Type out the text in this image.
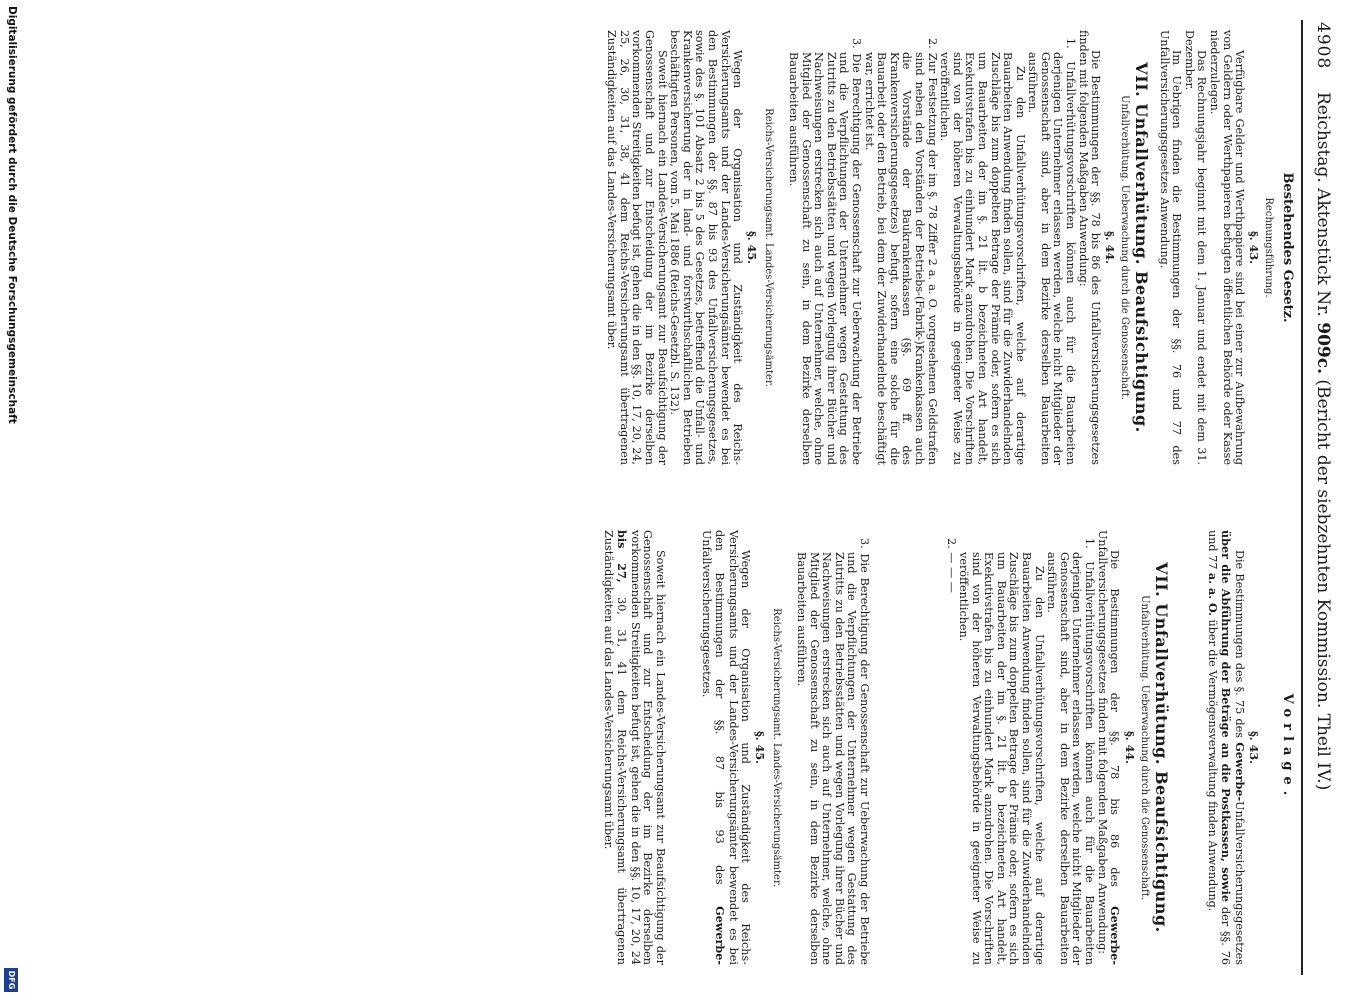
4908
Reichstag. Aktenstück Nr. 909c. (Bericht der siebzehnten Kommission. Theil IV.)
Bestehendes Gesetz.
Rechnungsführung.
§. 43.

Verfügbare Gelder und Werthpapiere sind bei einer zur Aufbewahrung von Geldern oder Werthpapieren befugten öffentlichen Behörde oder Kasse niederzulegen.

Das Rechnungsjahr beginnt mit dem 1. Januar und endet mit dem 31. Dezember.

Im Uebrigen finden die Bestimmungen der §§. 76 und 77 des Unfallversicherungsgesetzes Anwendung.

VII. Unfallverhütung. Beaufsichtigung.
Unfallverhütung. Ueberwachung durch die Genossenschaft.
§. 44.

Die Bestimmungen der §§. 78 bis 86 des Unfallversicherungsgesetzes finden mit folgenden Maßgaben Anwendung:

1. Unfallverhütungsvorschriften können auch für die Bauarbeiten derjenigen Unternehmer erlassen werden, welche nicht Mitglieder der Genossenschaft sind, aber in dem Bezirke derselben Bauarbeiten ausführen.

Zu den Unfallverhütungsvorschriften, welche auf derartige Bauarbeiten Anwendung finden sollen, sind für die Zuwiderhandelnden Zuschläge bis zum doppelten Betrage der Prämie oder, sofern es sich um Bauarbeiten der im §. 21 lit. b bezeichneten Art handelt, Exekutivstrafen bis zu einhundert Mark anzudrohen. Die Vorschriften sind von der höheren Verwaltungsbehörde in geeigneter Weise zu veröffentlichen.

2. Zur Festsetzung der im §. 78 Ziffer 2 a. a. O. vorgesehenen Geldstrafen sind neben den Vorständen der Betriebs-(Fabrik-)Krankenkassen auch die Vorstände der Baukrankenkassen (§§. 69 ff. des Krankenversicherungsgesetzes) befugt, sofern eine solche für die Bauarbeit oder den Betrieb, bei dem der Zuwiderhandelnde beschäftigt war, errichtet ist.

3. Die Berechtigung der Genossenschaft zur Ueberwachung der Betriebe und die Verpflichtungen der Unternehmer wegen Gestattung des Zutritts zu den Betriebsstätten und wegen Vorlegung ihrer Bücher und Nachweisungen erstrecken sich auch auf Unternehmer, welche, ohne Mitglied der Genossenschaft zu sein, in dem Bezirke derselben Bauarbeiten ausführen.

Reichs-Versicherungsamt. Landes-Versicherungsämter.
§. 45.

Wegen der Organisation und Zuständigkeit des Reichs-Versicherungsamts und der Landes-Versicherungsämter bewendet es bei den Bestimmungen der §§. 87 bis 93 des Unfallversicherungsgesetzes, sowie des §. 101 Absatz 2 bis 5 des Gesetzes, betreffend die Unfall- und Krankenversicherung der in land- und forstwirthschaftlichen Betrieben beschäftigten Personen, vom 5. Mai 1886 (Reichs-Gesetzbl. S. 132).

Soweit hiernach ein Landes-Versicherungsamt zur Beaufsichtigung der Genossenschaft und zur Entscheidung der im Bezirke derselben vorkommenden Streitigkeiten befugt ist, gehen die in den §§. 10, 17, 20, 24, 25, 26, 30, 31, 38, 41 dem Reichs-Versicherungsamt übertragenen Zuständigkeiten auf das Landes-Versicherungsamt über.

Vorlage.
§. 43.

Die Bestimmungen des §. 75 des Gewerbe-Unfallversicherungsgesetzes über die Abführung der Beträge an die Postkassen, sowie der §§. 76 und 77 a. a. O. über die Vermögensverwaltung finden Anwendung.

VII. Unfallverhütung. Beaufsichtigung.
Unfallverhütung. Ueberwachung durch die Genossenschaft.
§. 44.

Die Bestimmungen der §§. 78 bis 86 des Gewerbe-Unfallversicherungsgesetzes finden mit folgenden Maßgaben Anwendung:

1. Unfallverhütungsvorschriften können auch für die Bauarbeiten derjenigen Unternehmer erlassen werden, welche nicht Mitglieder der Genossenschaft sind, aber in dem Bezirke derselben Bauarbeiten ausführen.

Zu den Unfallverhütungsvorschriften, welche auf derartige Bauarbeiten Anwendung finden sollen, sind für die Zuwiderhandelnden Zuschläge bis zum doppelten Betrage der Prämie oder, sofern es sich um Bauarbeiten der im §. 21 lit. b bezeichneten Art handelt, Exekutivstrafen bis zu einhundert Mark anzudrohen. Die Vorschriften sind von der höheren Verwaltungsbehörde in geeigneter Weise zu veröffentlichen.

2. — — —

3. Die Berechtigung der Genossenschaft zur Ueberwachung der Betriebe und die Verpflichtungen der Unternehmer wegen Gestattung des Zutritts zu den Betriebsstätten und wegen Vorlegung ihrer Bücher und Nachweisungen erstrecken sich auch auf Unternehmer, welche, ohne Mitglied der Genossenschaft zu sein, in dem Bezirke derselben Bauarbeiten ausführen.

Reichs-Versicherungsamt. Landes-Versicherungsämter.
§. 45.

Wegen der Organisation und Zuständigkeit des Reichs-Versicherungsamts und der Landes-Versicherungsämter bewendet es bei den Bestimmungen der §§. 87 bis 93 des Gewerbe-Unfallversicherungsgesetzes.

Soweit hiernach ein Landes-Versicherungsamt zur Beaufsichtigung der Genossenschaft und zur Entscheidung der im Bezirke derselben vorkommenden Streitigkeiten befugt ist, gehen die in den §§. 10, 17, 20, 24 bis 27, 30, 31, 41 dem Reichs-Versicherungsamt übertragenen Zuständigkeiten auf das Landes-Versicherungsamt über.

Digitalisierung gefördert durch die Deutsche Forschungsgemeinschaft
DFG
